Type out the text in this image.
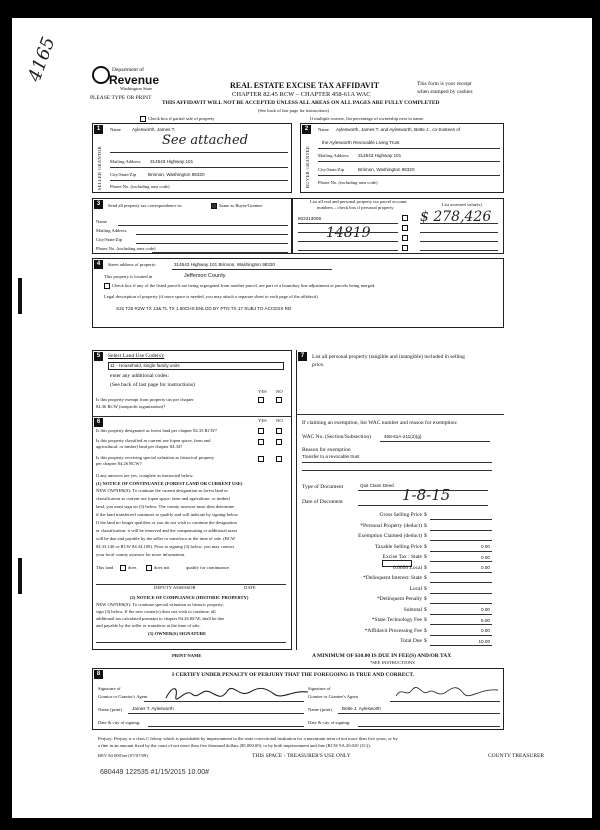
4165	Department of
Revenue
Washington State
PLEASE TYPE OR PRINT
REAL ESTATE EXCISE TAX AFFIDAVIT
CHAPTER 82.45 RCW – CHAPTER 458-61A WAC
THIS AFFIDAVIT WILL NOT BE ACCEPTED UNLESS ALL AREAS ON ALL PAGES ARE FULLY COMPLETED
(See back of last page for instructions)
This form is your receipt
when stamped by cashier.
Check box if partial sale of property	If multiple owners, list percentage of ownership next to name.
1
SELLER GRANTOR
Name Aylesworth, James T.
See attached
Mailing Address 314543 Highway 101
City/State/Zip	Brinnon, Washington 98320
Phone No. (including area code)
2
BUYER GRANTEE
Name Aylesworth, James T. and Aylesworth, Bette J., co-trustees of
the Aylesworth Revocable Living Trust
Mailing Address 314543 Highway 101
City/State/Zip	Brinnon, Washington 98320
Phone No. (including area code)
3	Send all property tax correspondence to:	Same as Buyer/Grantee
Name
Mailing Address
City/State/Zip
Phone No. (including area code)
List all real and personal property tax parcel account
numbers – check box if personal property
List assessed value(s)
502313008
14819
$ 278,426
4	Street address of property:	314543 Highway 101 Brinnon, Washington 98320
This property is located in	Jefferson County
Check box if any of the listed parcels are being segregated from another parcel, are part of a boundary line adjustment or parcels being merged.
Legal description of property (if more space is needed, you may attach a separate sheet to each page of the affidavit)
S31 T25 R2W TX 13& TL TX 1.80CHS ENLGD BY PTN TX 17 SUBJ TO ACCESS RD
5	Select Land Use Code(s):
11 - Household, single family units
enter any additional codes:
(See back of last page for instructions)
YES NO
Is this property exempt from property tax per chapter
84.36 RCW (nonprofit organization)?
6	YES NO
Is this property designated as forest land per chapter 84.33 RCW?
Is this property classified as current use (open space, farm and
agricultural, or timber) land per chapter 84.34?
Is this property receiving special valuation as historical property
per chapter 84.26 RCW?
If any answers are yes, complete as instructed below.
(1) NOTICE OF CONTINUANCE (FOREST LAND OR CURRENT USE)
This land	does	does not	qualify for continuance.
DEPUTY ASSESSOR	DATE
(2) NOTICE OF COMPLIANCE (HISTORIC PROPERTY)
(3) OWNER(S) SIGNATURE
PRINT NAME
7	List all personal property (tangible and intangible) included in selling
price.
If claiming an exemption, list WAC number and reason for exemption:
WAC No. (Section/Subsection)	458-61A-211(2)(g)
Reason for exemption
Transfer to a revocable trust
Type of Document	Quit Claim Deed
Date of Document	1-8-15
A MINIMUM OF $10.00 IS DUE IN FEE(S) AND/OR TAX
*SEE INSTRUCTIONS
8	I CERTIFY UNDER PENALTY OF PERJURY THAT THE FOREGOING IS TRUE AND CORRECT.
Signature of
Grantor or Grantor's Agent
Name (print) James T. Aylesworth
Date & city of signing:
Signature of
Grantee or Grantee's Agent
Name (print) Bette J. Aylesworth
Date & city of signing:
Perjury: Perjury is a class C felony which is punishable by imprisonment in the state correctional institution for a maximum term of not more than five years, or by
a fine in an amount fixed by the court of not more than five thousand dollars ($5,000.00), or by both imprisonment and fine (RCW 9A.20.020 (1C)).
REV 84 0001ae (07/07/09)	THIS SPACE - TREASURER'S USE ONLY	COUNTY TREASURER
680449 122535 #1/15/2015 10.00#
NEW OWNER(S): To continue the current designation as forest land or
classification as current use (open space, farm and agriculture, or timber)
land, you must sign on (3) below. The county assessor must then determine
if the land transferred continues to qualify and will indicate by signing below.
If the land no longer qualifies or you do not wish to continue the designation
or classification, it will be removed and the compensating or additional taxes
will be due and payable by the seller or transferor at the time of sale. (RCW
84.33.140 or RCW 84.34.108). Prior to signing (3) below, you may contact
your local county assessor for more information.
NEW OWNER(S): To continue special valuation as historic property,
sign (3) below. If the new owner(s) does not wish to continue, all
additional tax calculated pursuant to chapter 84.26 RCW, shall be due
and payable by the seller or transferor at the time of sale.
Gross Selling Price $
*Personal Property (deduct) $
Exemption Claimed (deduct) $
Taxable Selling Price $	0.00
Excise Tax : State $	0.00
0.0050 Local $	0.00
*Delinquent Interest: State $
Local $
*Delinquent Penalty $
Subtotal $	0.00
*State Technology Fee $	5.00
*Affidavit Processing Fee $	0.00
Total Due $	10.00
